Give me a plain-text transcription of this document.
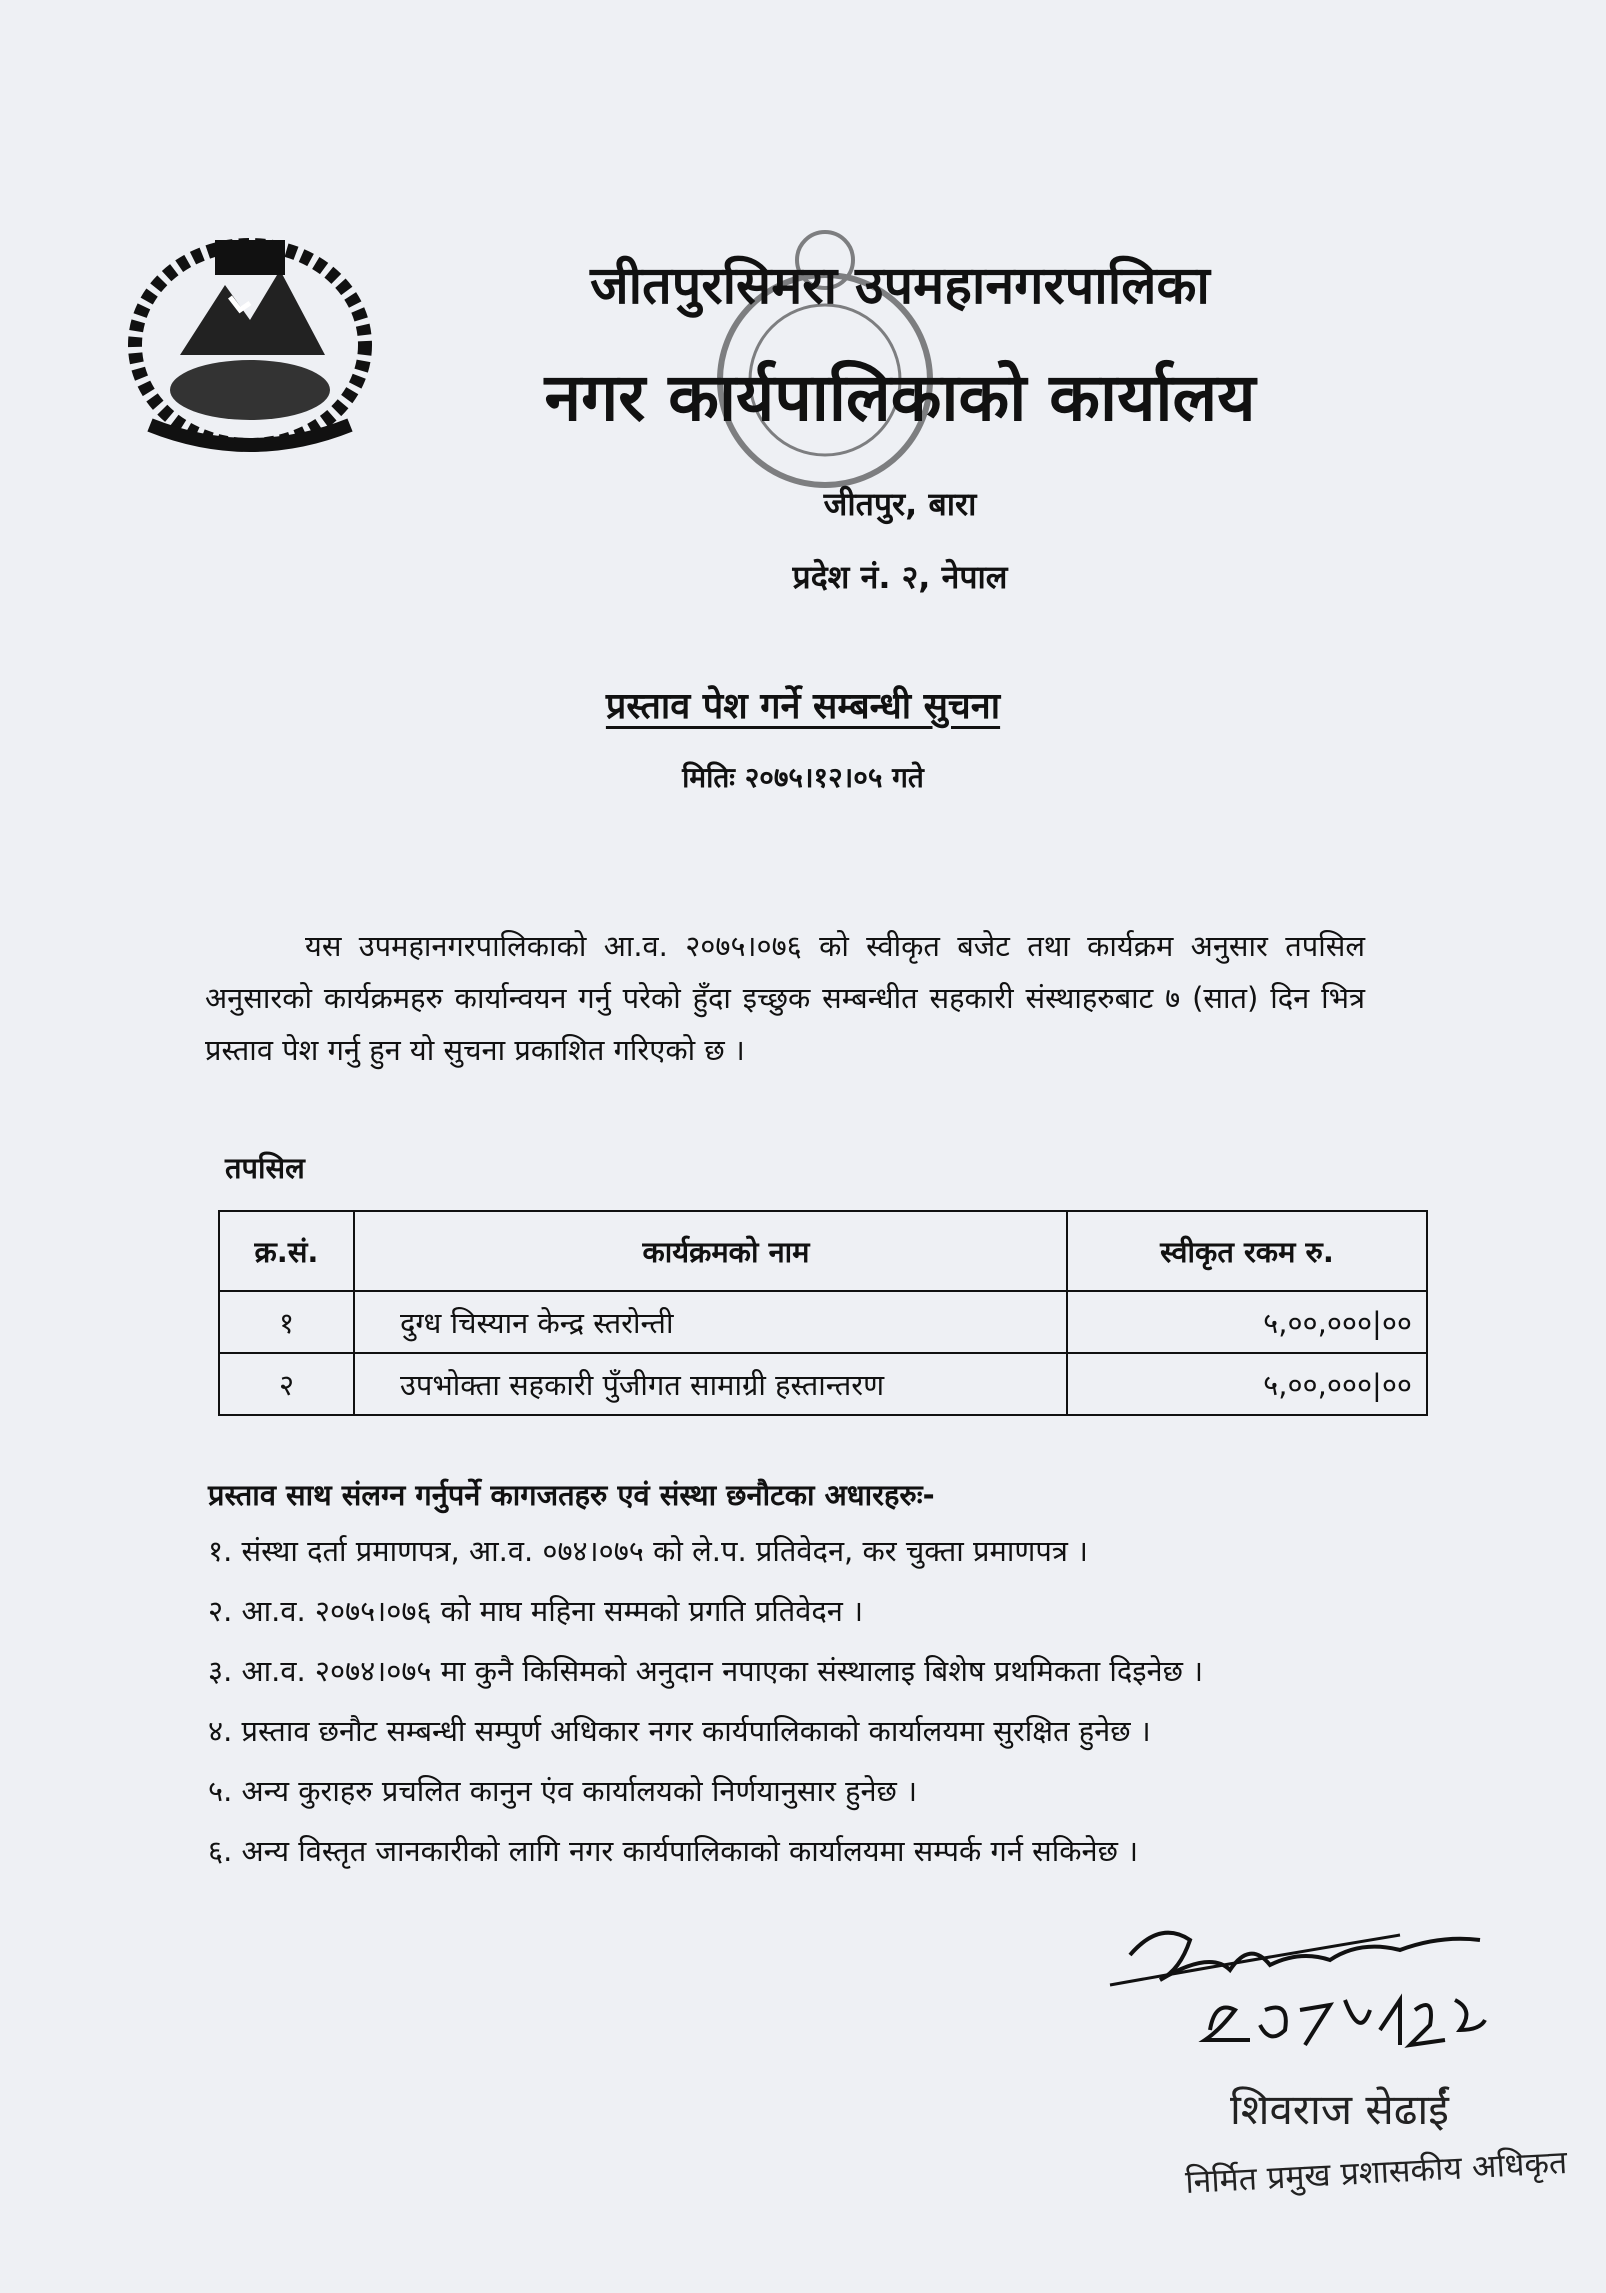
जीतपुरसिमरा उपमहानगरपालिका
नगर कार्यपालिकाको कार्यालय
जीतपुर, बारा
प्रदेश नं. २, नेपाल
प्रस्ताव पेश गर्ने सम्बन्धी सुचना
मितिः २०७५।१२।०५ गते
यस उपमहानगरपालिकाको आ.व. २०७५।०७६ को स्वीकृत बजेट तथा कार्यक्रम अनुसार तपसिल अनुसारको कार्यक्रमहरु कार्यान्वयन गर्नु परेको हुँदा इच्छुक सम्बन्धीत सहकारी संस्थाहरुबाट ७ (सात) दिन भित्र प्रस्ताव पेश गर्नु हुन यो सुचना प्रकाशित गरिएको छ ।
तपसिल
क्र.सं.	कार्यक्रमको नाम	स्वीकृत रकम रु.
१	दुग्ध चिस्यान केन्द्र स्तरोन्ती	५,००,०००|००
२	उपभोक्ता सहकारी पुँजीगत सामाग्री हस्तान्तरण	५,००,०००|००
प्रस्ताव साथ संलग्न गर्नुपर्ने कागजतहरु एवं संस्था छनौटका अधारहरुः-
१. संस्था दर्ता प्रमाणपत्र, आ.व. ०७४।०७५ को ले.प. प्रतिवेदन, कर चुक्ता प्रमाणपत्र ।
२. आ.व. २०७५।०७६ को माघ महिना सम्मको प्रगति प्रतिवेदन ।
३. आ.व. २०७४।०७५ मा कुनै किसिमको अनुदान नपाएका संस्थालाइ बिशेष प्रथमिकता दिइनेछ ।
४. प्रस्ताव छनौट सम्बन्धी सम्पुर्ण अधिकार नगर कार्यपालिकाको कार्यालयमा सुरक्षित हुनेछ ।
५. अन्य कुराहरु प्रचलित कानुन एंव कार्यालयको निर्णयानुसार हुनेछ ।
६. अन्य विस्तृत जानकारीको लागि नगर कार्यपालिकाको कार्यालयमा सम्पर्क गर्न सकिनेछ ।
शिवराज सेढाईं
निर्मित प्रमुख प्रशासकीय अधिकृत
